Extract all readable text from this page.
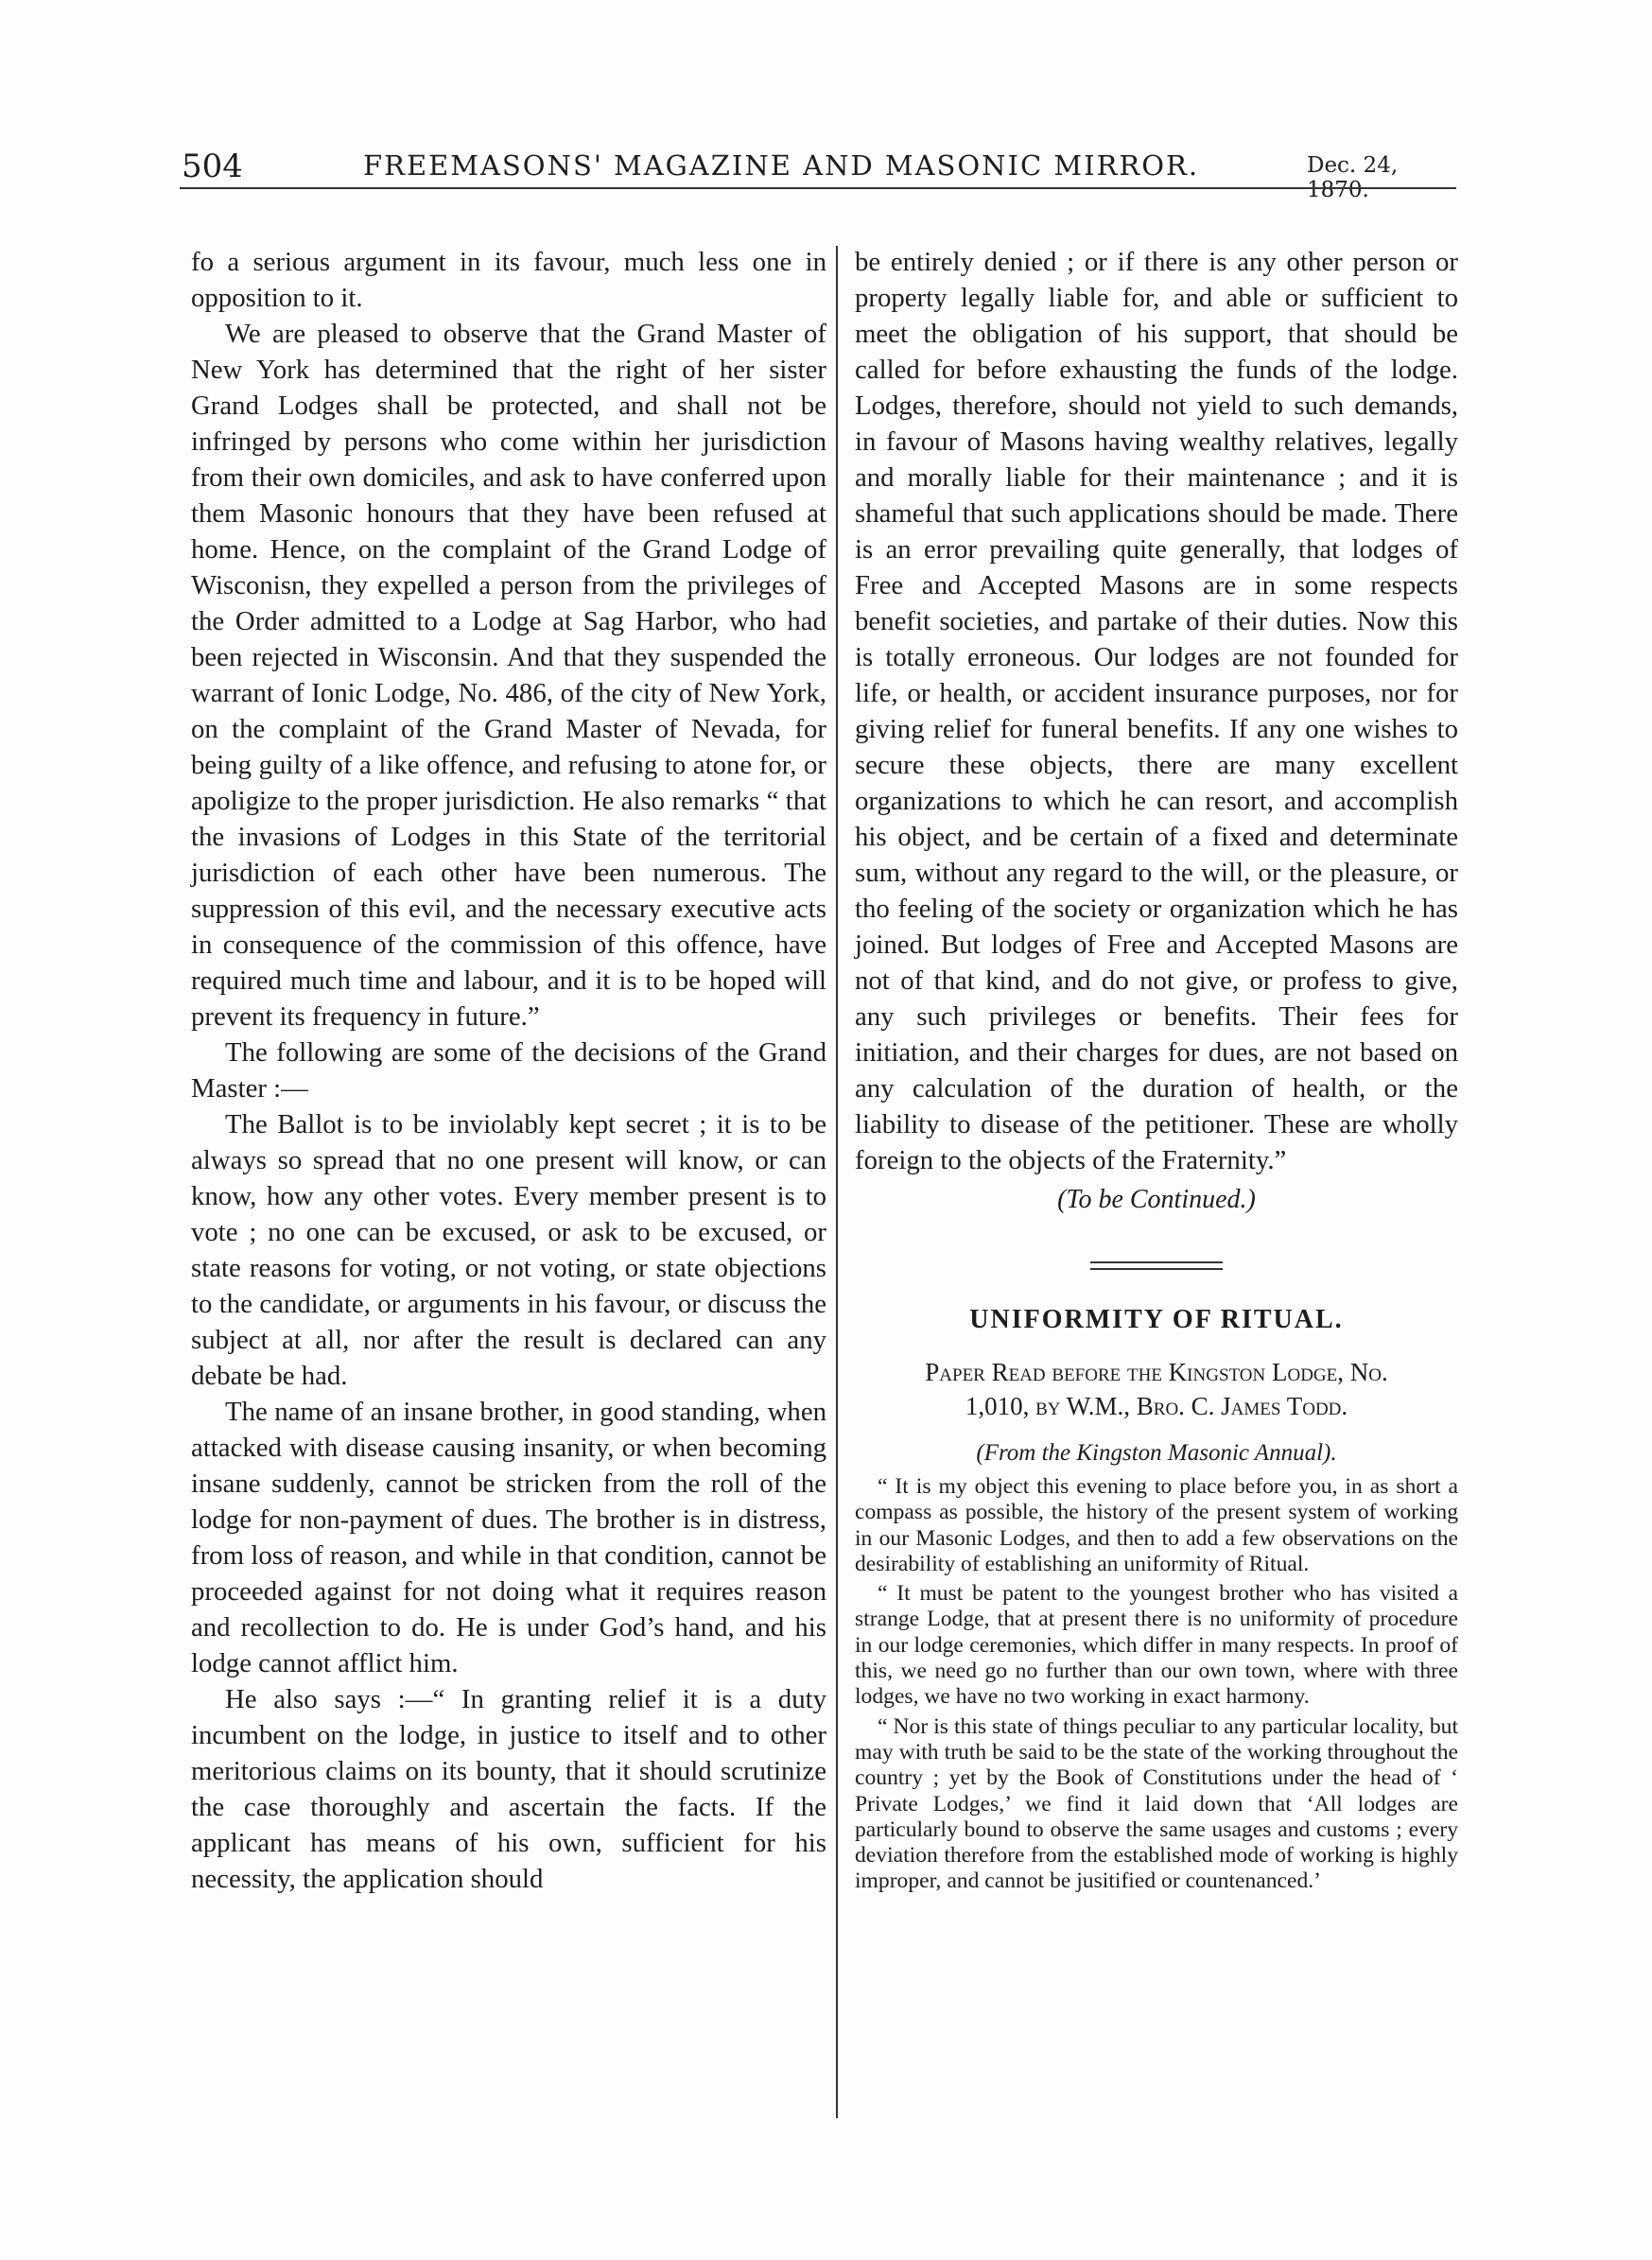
504	FREEMASONS' MAGAZINE AND MASONIC MIRROR.	Dec. 24, 1870.

fo a serious argument in its favour, much less one in opposition to it.

We are pleased to observe that the Grand Master of New York has determined that the right of her sister Grand Lodges shall be protected, and shall not be infringed by persons who come within her jurisdiction from their own domiciles, and ask to have conferred upon them Masonic honours that they have been refused at home. Hence, on the complaint of the Grand Lodge of Wisconisn, they expelled a person from the privileges of the Order admitted to a Lodge at Sag Harbor, who had been rejected in Wisconsin. And that they suspended the warrant of Ionic Lodge, No. 486, of the city of New York, on the complaint of the Grand Master of Nevada, for being guilty of a like offence, and refusing to atone for, or apoligize to the proper jurisdiction. He also remarks “ that the invasions of Lodges in this State of the territorial jurisdiction of each other have been numerous. The suppression of this evil, and the necessary executive acts in consequence of the commission of this offence, have required much time and labour, and it is to be hoped will prevent its frequency in future.”

The following are some of the decisions of the Grand Master :—

The Ballot is to be inviolably kept secret ; it is to be always so spread that no one present will know, or can know, how any other votes. Every member present is to vote ; no one can be excused, or ask to be excused, or state reasons for voting, or not voting, or state objections to the candidate, or arguments in his favour, or discuss the subject at all, nor after the result is declared can any debate be had.

The name of an insane brother, in good standing, when attacked with disease causing insanity, or when becoming insane suddenly, cannot be stricken from the roll of the lodge for non-payment of dues. The brother is in distress, from loss of reason, and while in that condition, cannot be proceeded against for not doing what it requires reason and recollection to do. He is under God’s hand, and his lodge cannot afflict him.

He also says :—“ In granting relief it is a duty incumbent on the lodge, in justice to itself and to other meritorious claims on its bounty, that it should scrutinize the case thoroughly and ascertain the facts. If the applicant has means of his own, sufficient for his necessity, the application should

be entirely denied ; or if there is any other person or property legally liable for, and able or sufficient to meet the obligation of his support, that should be called for before exhausting the funds of the lodge. Lodges, therefore, should not yield to such demands, in favour of Masons having wealthy relatives, legally and morally liable for their maintenance ; and it is shameful that such applications should be made. There is an error prevailing quite generally, that lodges of Free and Accepted Masons are in some respects benefit societies, and partake of their duties. Now this is totally erroneous. Our lodges are not founded for life, or health, or accident insurance purposes, nor for giving relief for funeral benefits. If any one wishes to secure these objects, there are many excellent organizations to which he can resort, and accomplish his object, and be certain of a fixed and determinate sum, without any regard to the will, or the pleasure, or tho feeling of the society or organization which he has joined. But lodges of Free and Accepted Masons are not of that kind, and do not give, or profess to give, any such privileges or benefits. Their fees for initiation, and their charges for dues, are not based on any calculation of the duration of health, or the liability to disease of the petitioner. These are wholly foreign to the objects of the Fraternity.”

(To be Continued.)

UNIFORMITY OF RITUAL.

Paper Read before the Kingston Lodge, No.
1,010, by W.M., Bro. C. James Todd.

(From the Kingston Masonic Annual).

“ It is my object this evening to place before you, in as short a compass as possible, the history of the present system of working in our Masonic Lodges, and then to add a few observations on the desirability of establishing an uniformity of Ritual.

“ It must be patent to the youngest brother who has visited a strange Lodge, that at present there is no uniformity of procedure in our lodge ceremonies, which differ in many respects. In proof of this, we need go no further than our own town, where with three lodges, we have no two working in exact harmony.

“ Nor is this state of things peculiar to any particular locality, but may with truth be said to be the state of the working throughout the country ; yet by the Book of Constitutions under the head of ‘ Private Lodges,’ we find it laid down that ‘All lodges are particularly bound to observe the same usages and customs ; every deviation therefore from the established mode of working is highly improper, and cannot be jusitified or countenanced.’
